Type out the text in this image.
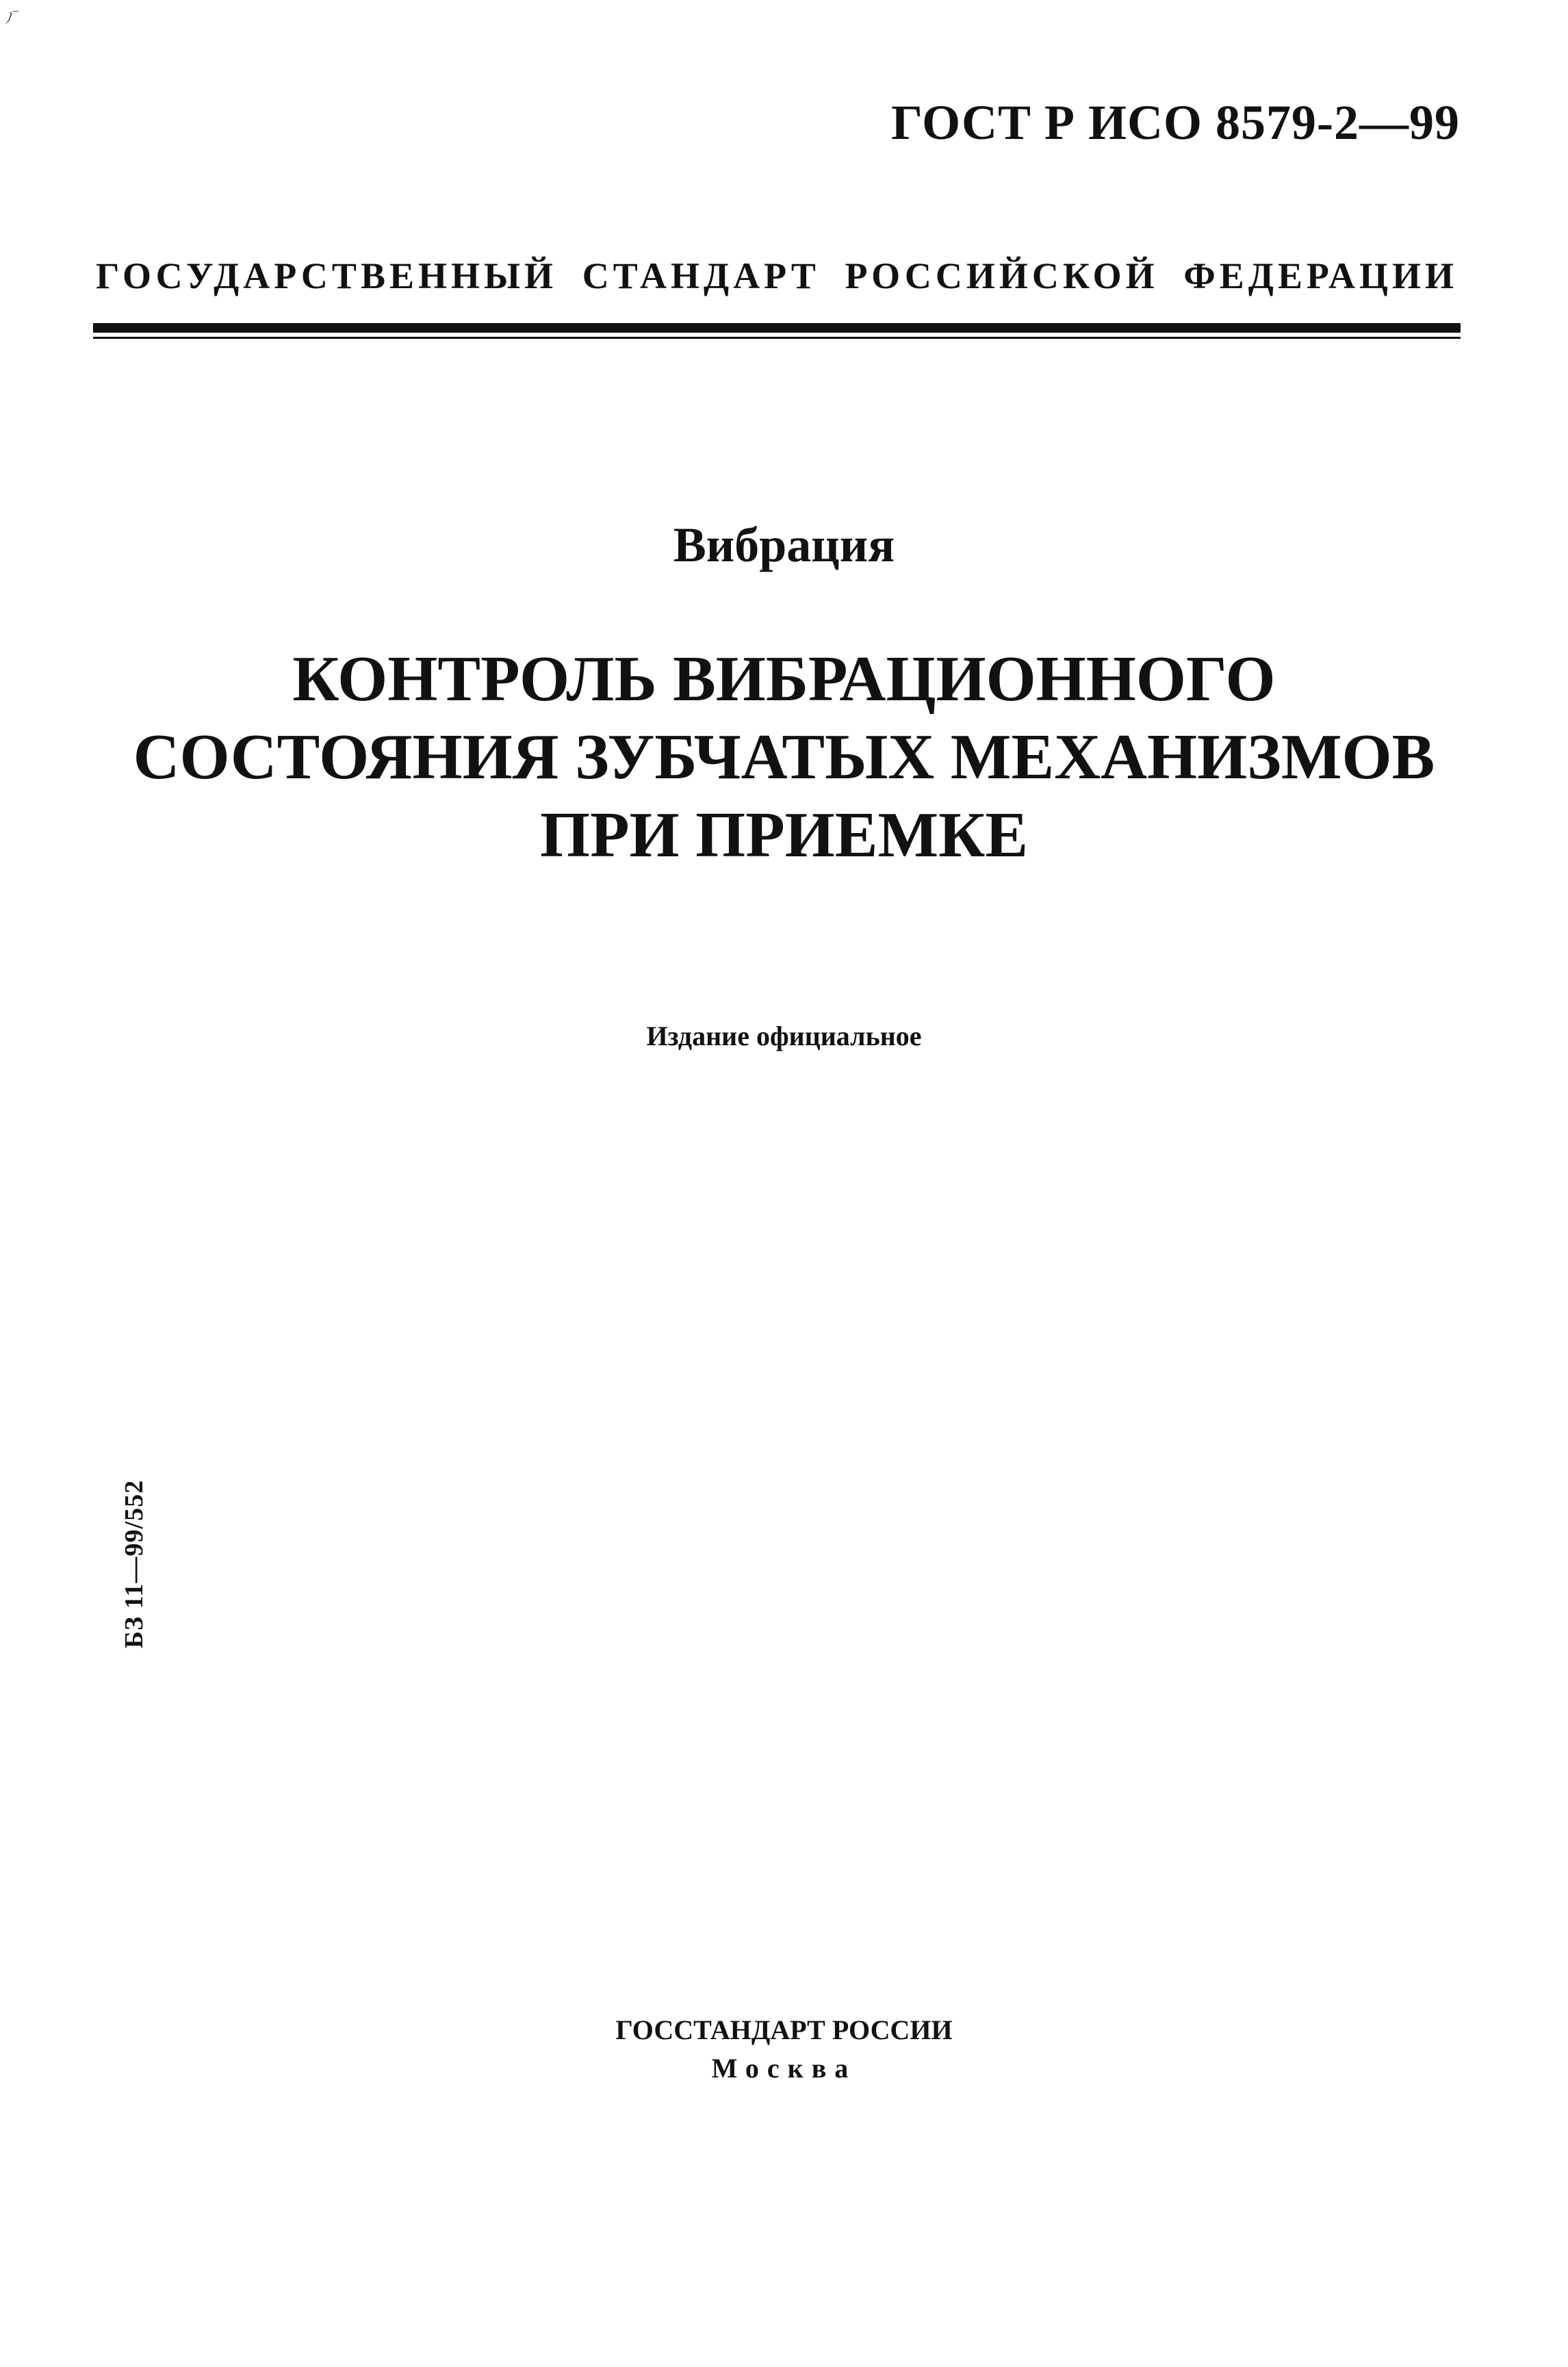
ﾉ‾
ГОСТ Р ИСО 8579-2—99
ГОСУДАРСТВЕННЫЙ СТАНДАРТ РОССИЙСКОЙ ФЕДЕРАЦИИ
Вибрация
КОНТРОЛЬ ВИБРАЦИОННОГО
СОСТОЯНИЯ ЗУБЧАТЫХ МЕХАНИЗМОВ
ПРИ ПРИЕМКЕ
Издание официальное
БЗ 11—99/552
ГОССТАНДАРТ РОССИИ
Москва
